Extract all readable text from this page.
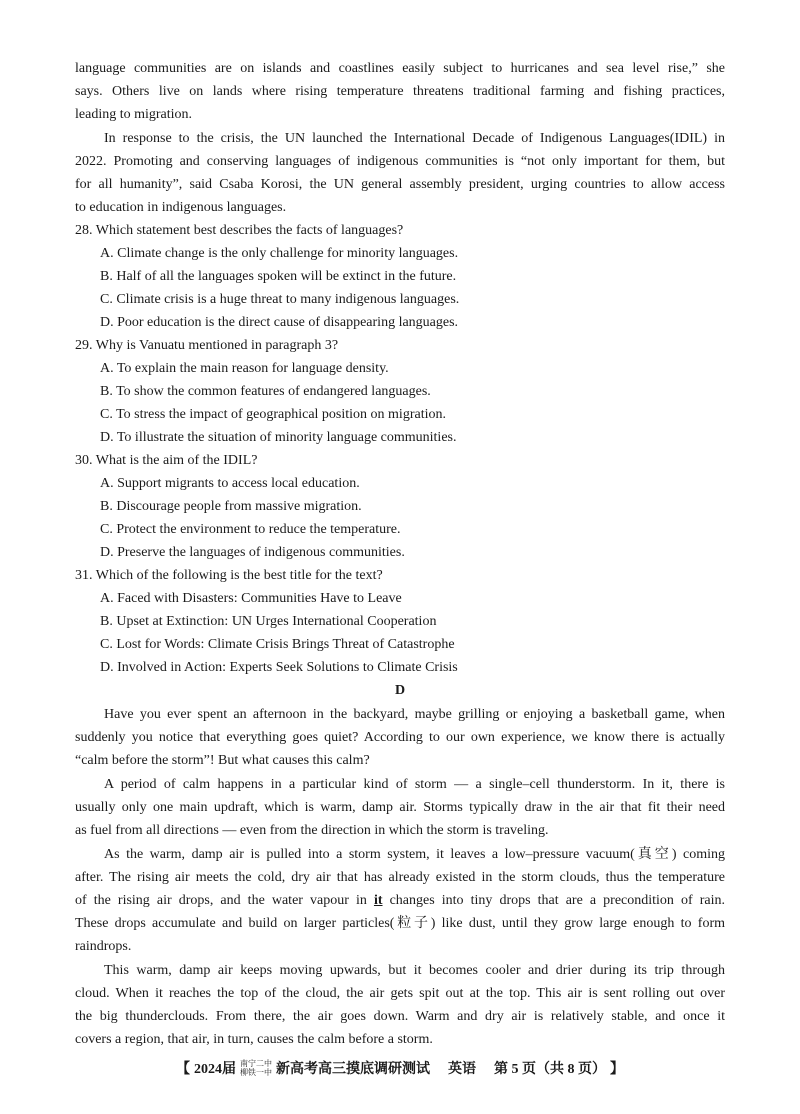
language communities are on islands and coastlines easily subject to hurricanes and sea level rise,” she
says. Others live on lands where rising temperature threatens traditional farming and fishing practices,
leading to migration.
In response to the crisis, the UN launched the International Decade of Indigenous Languages(IDIL) in
2022. Promoting and conserving languages of indigenous communities is “not only important for them, but
for all humanity”, said Csaba Korosi, the UN general assembly president, urging countries to allow access
to education in indigenous languages.
28. Which statement best describes the facts of languages?
A. Climate change is the only challenge for minority languages.
B. Half of all the languages spoken will be extinct in the future.
C. Climate crisis is a huge threat to many indigenous languages.
D. Poor education is the direct cause of disappearing languages.
29. Why is Vanuatu mentioned in paragraph 3?
A. To explain the main reason for language density.
B. To show the common features of endangered languages.
C. To stress the impact of geographical position on migration.
D. To illustrate the situation of minority language communities.
30. What is the aim of the IDIL?
A. Support migrants to access local education.
B. Discourage people from massive migration.
C. Protect the environment to reduce the temperature.
D. Preserve the languages of indigenous communities.
31. Which of the following is the best title for the text?
A. Faced with Disasters: Communities Have to Leave
B. Upset at Extinction: UN Urges International Cooperation
C. Lost for Words: Climate Crisis Brings Threat of Catastrophe
D. Involved in Action: Experts Seek Solutions to Climate Crisis
D
Have you ever spent an afternoon in the backyard, maybe grilling or enjoying a basketball game, when
suddenly you notice that everything goes quiet? According to our own experience, we know there is actually
“calm before the storm”! But what causes this calm?
A period of calm happens in a particular kind of storm — a single–cell thunderstorm. In it, there is
usually only one main updraft, which is warm, damp air. Storms typically draw in the air that fit their need
as fuel from all directions — even from the direction in which the storm is traveling.
As the warm, damp air is pulled into a storm system, it leaves a low–pressure vacuum(真空) coming
after. The rising air meets the cold, dry air that has already existed in the storm clouds, thus the temperature
of the rising air drops, and the water vapour in it changes into tiny drops that are a precondition of rain.
These drops accumulate and build on larger particles(粒子) like dust, until they grow large enough to form
raindrops.
This warm, damp air keeps moving upwards, but it becomes cooler and drier during its trip through
cloud. When it reaches the top of the cloud, the air gets spit out at the top. This air is sent rolling out over
the big thunderclouds. From there, the air goes down. Warm and dry air is relatively stable, and once it
covers a region, that air, in turn, causes the calm before a storm.
【 2024届 南宁二中
柳铁一中 新高考高三摸底调研测试 英语 第 5 页（共 8 页） 】
